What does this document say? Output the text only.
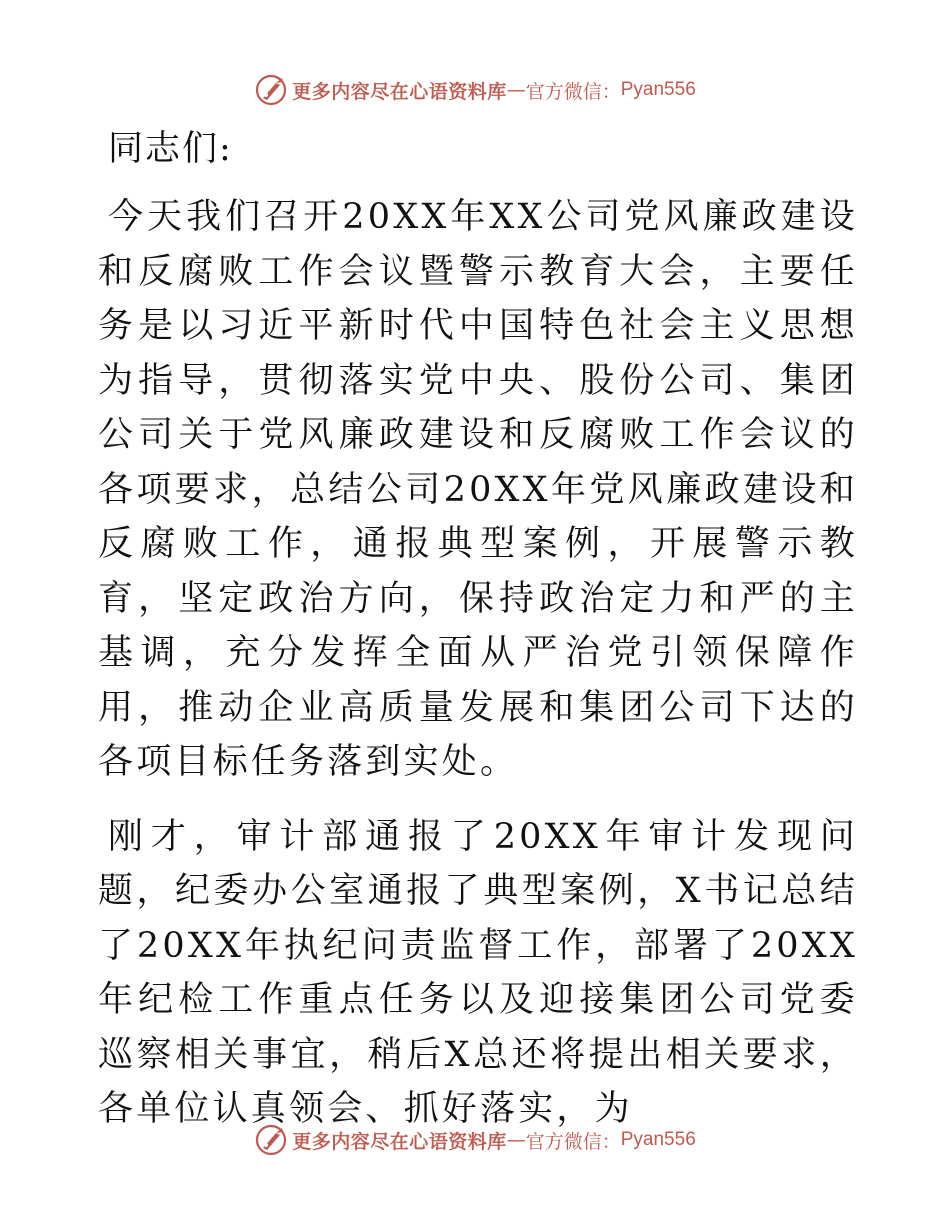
更多内容尽在心语资料库 — 官方微信： Pyan556
同志们:

今天我们召开20XX年XX公司党风廉政建设和反腐败工作会议暨警示教育大会，主要任务是以习近平新时代中国特色社会主义思想为指导，贯彻落实党中央、股份公司、集团公司关于党风廉政建设和反腐败工作会议的各项要求，总结公司20XX年党风廉政建设和反腐败工作，通报典型案例，开展警示教育，坚定政治方向，保持政治定力和严的主基调，充分发挥全面从严治党引领保障作用，推动企业高质量发展和集团公司下达的各项目标任务落到实处。

刚才，审计部通报了20XX年审计发现问题，纪委办公室通报了典型案例，X书记总结了20XX年执纪问责监督工作，部署了20XX年纪检工作重点任务以及迎接集团公司党委巡察相关事宜，稍后X总还将提出相关要求，各单位认真领会、抓好落实，为

更多内容尽在心语资料库 — 官方微信： Pyan556
